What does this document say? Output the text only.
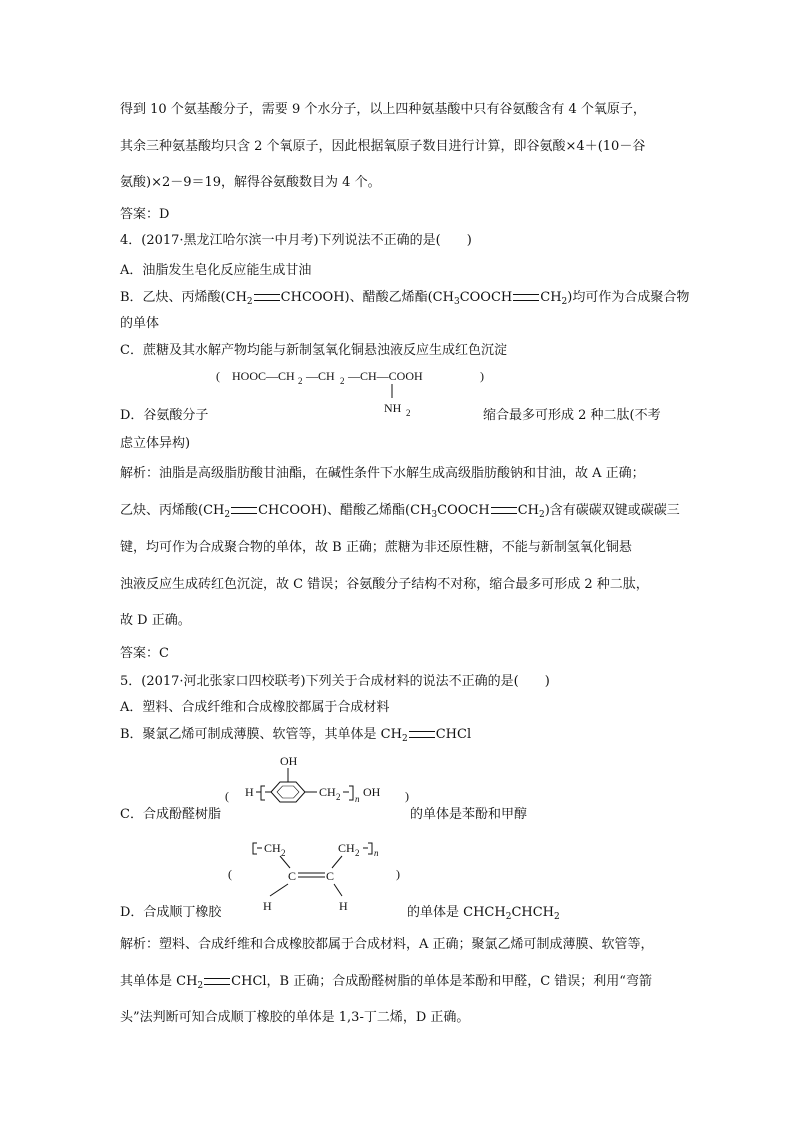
得到 10 个氨基酸分子，需要 9 个水分子，以上四种氨基酸中只有谷氨酸含有 4 个氧原子，
其余三种氨基酸均只含 2 个氧原子，因此根据氧原子数目进行计算，即谷氨酸×4＋(10－谷
氨酸)×2－9＝19，解得谷氨酸数目为 4 个。
答案：D
4．(2017·黑龙江哈尔滨一中月考)下列说法不正确的是(　　)
A．油脂发生皂化反应能生成甘油
B．乙炔、丙烯酸($CH_2$ CHCOOH)、醋酸乙烯酯($CH_3COOCH$ $CH_2$)均可作为合成聚合物
的单体
C．蔗糖及其水解产物均能与新制氢氧化铜悬浊液反应生成红色沉淀
( HOOC—CH 2 —CH 2 —CH—COOH	)
NH 2
D．谷氨酸分子	缩合最多可形成 2 种二肽(不考
虑立体异构)
解析：油脂是高级脂肪酸甘油酯，在碱性条件下水解生成高级脂肪酸钠和甘油，故 A 正确；
乙炔、丙烯酸($CH_2$ CHCOOH)、醋酸乙烯酯($CH_3COOCH$ $CH_2$)含有碳碳双键或碳碳三
键，均可作为合成聚合物的单体，故 B 正确；蔗糖为非还原性糖，不能与新制氢氧化铜悬
浊液反应生成砖红色沉淀，故 C 错误；谷氨酸分子结构不对称，缩合最多可形成 2 种二肽，
故 D 正确。
答案：C
5．(2017·河北张家口四校联考)下列关于合成材料的说法不正确的是(　　)
A．塑料、合成纤维和合成橡胶都属于合成材料
B．聚氯乙烯可制成薄膜、软管等，其单体是 $CH_2$ CHCl
( H
OH
CH 2 n OH )
C．合成酚醛树脂	的单体是苯酚和甲醇
CH 2	CH 2 n
(	)
C C
H	H
D．合成顺丁橡胶	的单体是 $CHCH_2CHCH_2$
解析：塑料、合成纤维和合成橡胶都属于合成材料，A 正确；聚氯乙烯可制成薄膜、软管等，
其单体是 $CH_2$ CHCl，B 正确；合成酚醛树脂的单体是苯酚和甲醛，C 错误；利用“弯箭
头”法判断可知合成顺丁橡胶的单体是 1,3-丁二烯，D 正确。
